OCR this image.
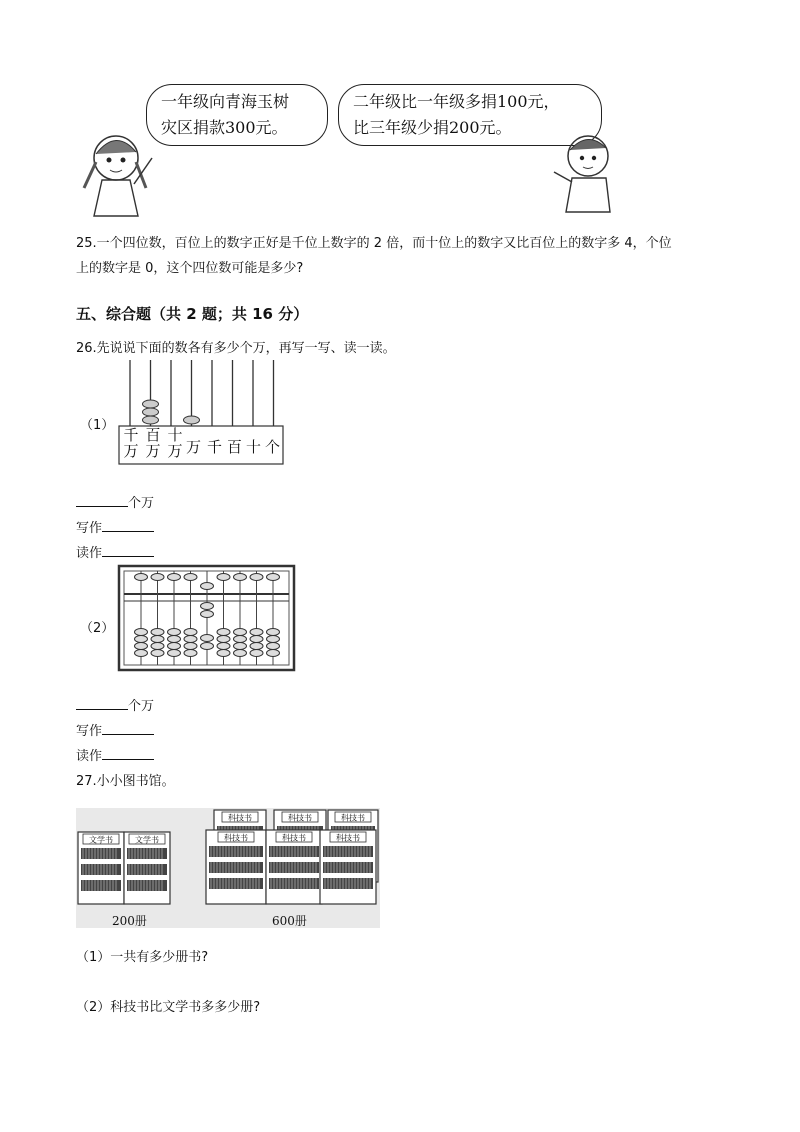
一年级向青海玉树
灾区捐款300元。
二年级比一年级多捐100元，
比三年级少捐200元。
25.一个四位数，百位上的数字正好是千位上数字的 2 倍，而十位上的数字又比百位上的数字多 4，个位
上的数字是 0，这个四位数可能是多少?
五、综合题（共 2 题；共 16 分）
26.先说说下面的数各有多少个万，再写一写、读一读。
（1）
千
万
百
万
十
万 万 千 百 十 个
个万
写作
读作
（2）
个万
写作
读作
27.小小图书馆。
文学书	文学书
科技书	科技书	科技书
科技书	科技书	科技书
200册	600册
（1）一共有多少册书?
（2）科技书比文学书多多少册?
